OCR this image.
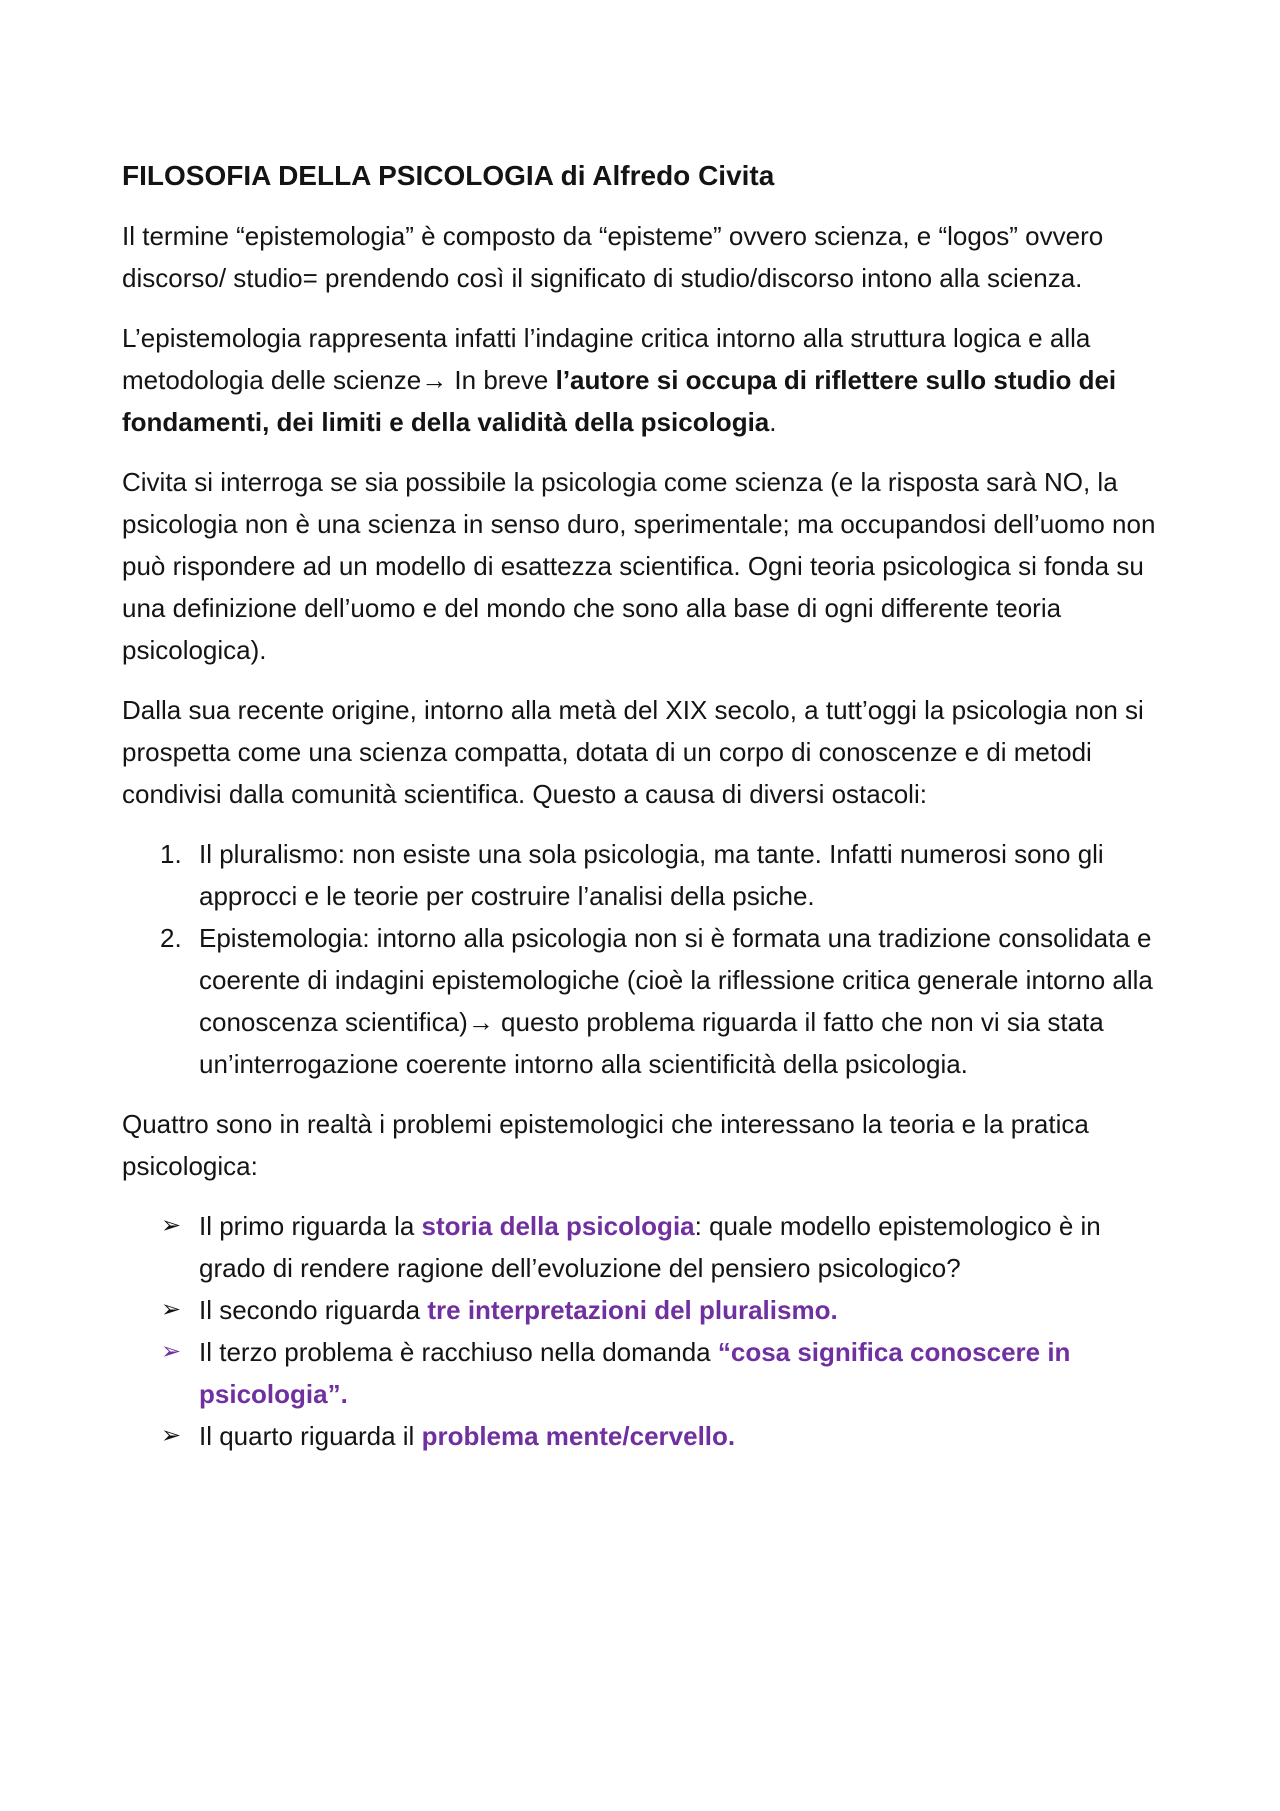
FILOSOFIA DELLA PSICOLOGIA di Alfredo Civita

Il termine “epistemologia” è composto da “episteme” ovvero scienza, e “logos” ovvero discorso/ studio= prendendo così il significato di studio/discorso intono alla scienza.

L’epistemologia rappresenta infatti l’indagine critica intorno alla struttura logica e alla metodologia delle scienze→ In breve l’autore si occupa di riflettere sullo studio dei fondamenti, dei limiti e della validità della psicologia.

Civita si interroga se sia possibile la psicologia come scienza (e la risposta sarà NO, la psicologia non è una scienza in senso duro, sperimentale; ma occupandosi dell’uomo non può rispondere ad un modello di esattezza scientifica. Ogni teoria psicologica si fonda su una definizione dell’uomo e del mondo che sono alla base di ogni differente teoria psicologica).

Dalla sua recente origine, intorno alla metà del XIX secolo, a tutt’oggi la psicologia non si prospetta come una scienza compatta, dotata di un corpo di conoscenze e di metodi condivisi dalla comunità scientifica. Questo a causa di diversi ostacoli:

1. Il pluralismo: non esiste una sola psicologia, ma tante. Infatti numerosi sono gli approcci e le teorie per costruire l’analisi della psiche.
2. Epistemologia: intorno alla psicologia non si è formata una tradizione consolidata e coerente di indagini epistemologiche (cioè la riflessione critica generale intorno alla conoscenza scientifica)→ questo problema riguarda il fatto che non vi sia stata un’interrogazione coerente intorno alla scientificità della psicologia.

Quattro sono in realtà i problemi epistemologici che interessano la teoria e la pratica psicologica:

➢ Il primo riguarda la storia della psicologia: quale modello epistemologico è in grado di rendere ragione dell’evoluzione del pensiero psicologico?
➢ Il secondo riguarda tre interpretazioni del pluralismo.
➢ Il terzo problema è racchiuso nella domanda “cosa significa conoscere in psicologia”.
➢ Il quarto riguarda il problema mente/cervello.
